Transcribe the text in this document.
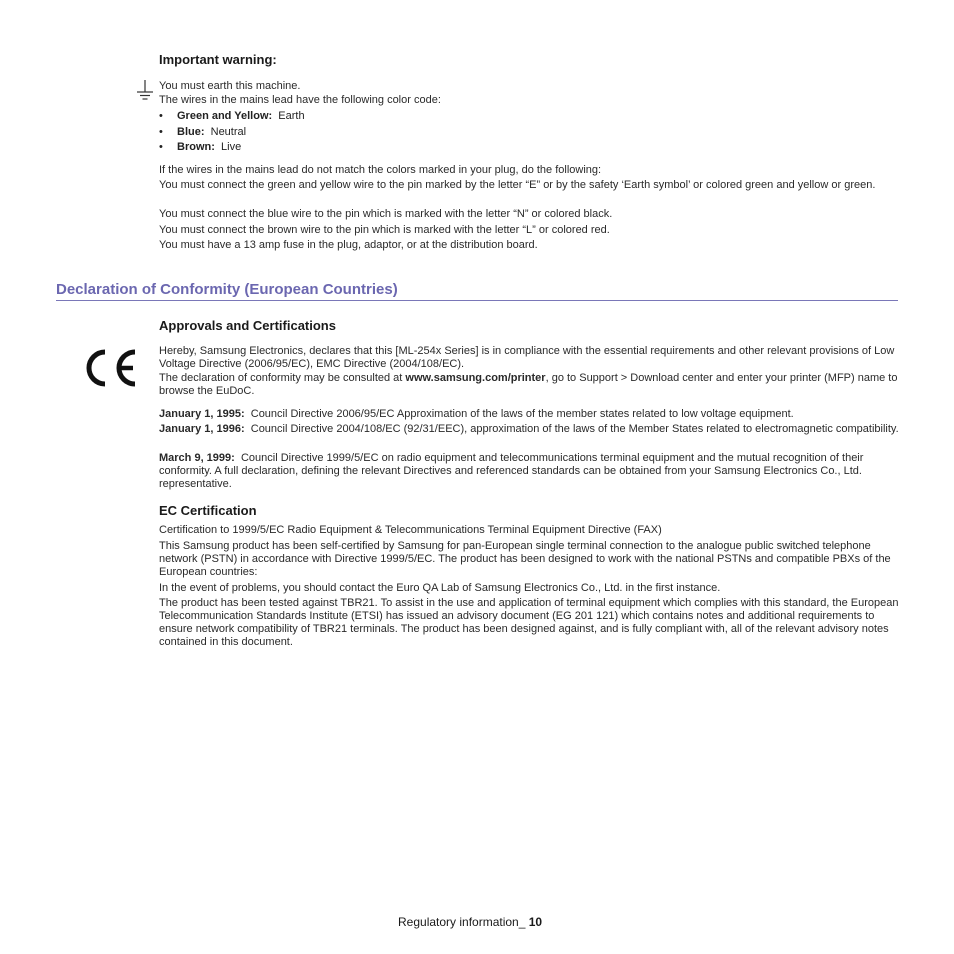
Important warning:
You must earth this machine.
The wires in the mains lead have the following color code:
• Green and Yellow: Earth
• Blue: Neutral
• Brown: Live
If the wires in the mains lead do not match the colors marked in your plug, do the following:
You must connect the green and yellow wire to the pin marked by the letter “E” or by the safety ‘Earth symbol’ or colored green and yellow or green.
You must connect the blue wire to the pin which is marked with the letter “N” or colored black.
You must connect the brown wire to the pin which is marked with the letter “L” or colored red.
You must have a 13 amp fuse in the plug, adaptor, or at the distribution board.
Declaration of Conformity (European Countries)
Approvals and Certifications
Hereby, Samsung Electronics, declares that this [ML-254x Series] is in compliance with the essential requirements and other relevant provisions of Low Voltage Directive (2006/95/EC), EMC Directive (2004/108/EC).
The declaration of conformity may be consulted at www.samsung.com/printer, go to Support > Download center and enter your printer (MFP) name to browse the EuDoC.
January 1, 1995: Council Directive 2006/95/EC Approximation of the laws of the member states related to low voltage equipment.
January 1, 1996: Council Directive 2004/108/EC (92/31/EEC), approximation of the laws of the Member States related to electromagnetic compatibility.
March 9, 1999: Council Directive 1999/5/EC on radio equipment and telecommunications terminal equipment and the mutual recognition of their conformity. A full declaration, defining the relevant Directives and referenced standards can be obtained from your Samsung Electronics Co., Ltd. representative.
EC Certification
Certification to 1999/5/EC Radio Equipment & Telecommunications Terminal Equipment Directive (FAX)
This Samsung product has been self-certified by Samsung for pan-European single terminal connection to the analogue public switched telephone network (PSTN) in accordance with Directive 1999/5/EC. The product has been designed to work with the national PSTNs and compatible PBXs of the European countries:
In the event of problems, you should contact the Euro QA Lab of Samsung Electronics Co., Ltd. in the first instance.
The product has been tested against TBR21. To assist in the use and application of terminal equipment which complies with this standard, the European Telecommunication Standards Institute (ETSI) has issued an advisory document (EG 201 121) which contains notes and additional requirements to ensure network compatibility of TBR21 terminals. The product has been designed against, and is fully compliant with, all of the relevant advisory notes contained in this document.
Regulatory information_ 10
